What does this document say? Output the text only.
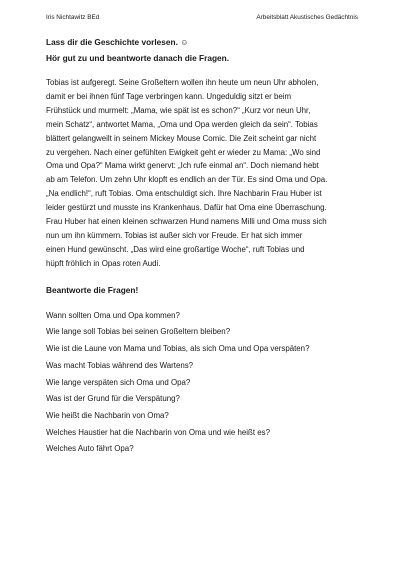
Iris Nichtawitz BEd	Arbeitsblatt Akustisches Gedächtnis

Lass dir die Geschichte vorlesen. ☺

Hör gut zu und beantworte danach die Fragen.

Tobias ist aufgeregt. Seine Großeltern wollen ihn heute um neun Uhr abholen,
damit er bei ihnen fünf Tage verbringen kann. Ungeduldig sitzt er beim
Frühstück und murmelt: „Mama, wie spät ist es schon?“ „Kurz vor neun Uhr,
mein Schatz“, antwortet Mama, „Oma und Opa werden gleich da sein“. Tobias
blättert gelangweilt in seinem Mickey Mouse Comic. Die Zeit scheint gar nicht
zu vergehen. Nach einer gefühlten Ewigkeit geht er wieder zu Mama: „Wo sind
Oma und Opa?“ Mama wirkt genervt: „Ich rufe einmal an“. Doch niemand hebt
ab am Telefon. Um zehn Uhr klopft es endlich an der Tür. Es sind Oma und Opa.
„Na endlich!“, ruft Tobias. Oma entschuldigt sich. Ihre Nachbarin Frau Huber ist
leider gestürzt und musste ins Krankenhaus. Dafür hat Oma eine Überraschung.
Frau Huber hat einen kleinen schwarzen Hund namens Milli und Oma muss sich
nun um ihn kümmern. Tobias ist außer sich vor Freude. Er hat sich immer
einen Hund gewünscht. „Das wird eine großartige Woche“, ruft Tobias und
hüpft fröhlich in Opas roten Audi.
Beantworte die Fragen!
Wann sollten Oma und Opa kommen?
Wie lange soll Tobias bei seinen Großeltern bleiben?
Wie ist die Laune von Mama und Tobias, als sich Oma und Opa verspäten?
Was macht Tobias während des Wartens?
Wie lange verspäten sich Oma und Opa?
Was ist der Grund für die Verspätung?
Wie heißt die Nachbarin von Oma?
Welches Haustier hat die Nachbarin von Oma und wie heißt es?
Welches Auto fährt Opa?
